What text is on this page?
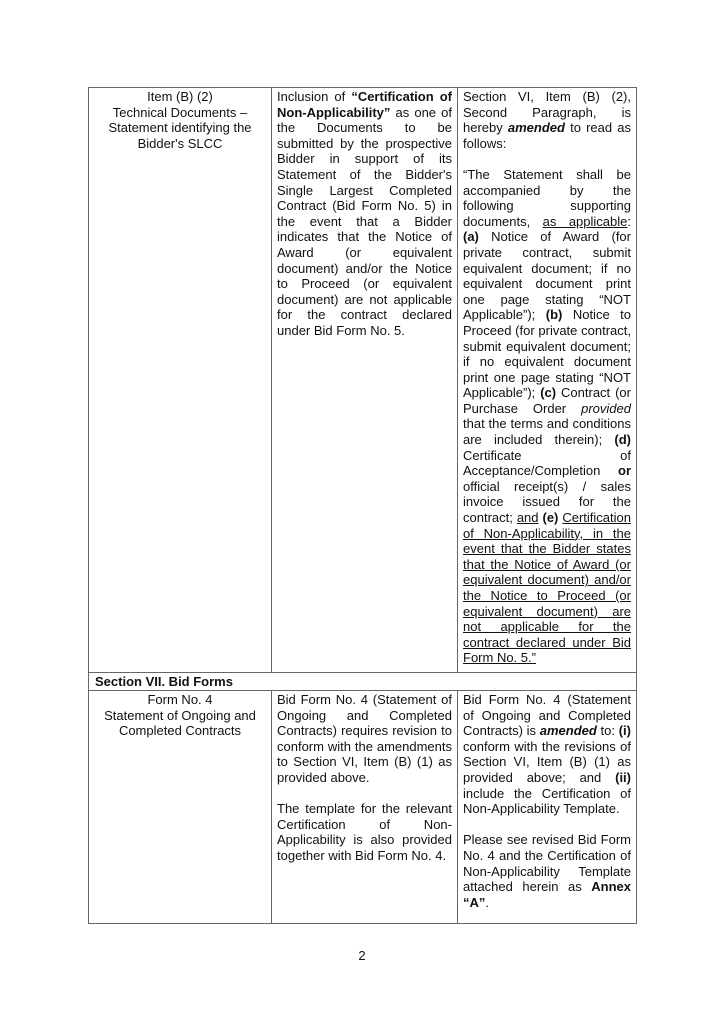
Item (B) (2)
Technical Documents –
Statement identifying the
Bidder's SLCC

Inclusion of “Certification of Non-Applicability” as one of the Documents to be submitted by the prospective Bidder in support of its Statement of the Bidder's Single Largest Completed Contract (Bid Form No. 5) in the event that a Bidder indicates that the Notice of Award (or equivalent document) and/or the Notice to Proceed (or equivalent document) are not applicable for the contract declared under Bid Form No. 5.

Section VI, Item (B) (2), Second Paragraph, is hereby amended to read as follows:

“The Statement shall be accompanied by the following supporting documents, as applicable: (a) Notice of Award (for private contract, submit equivalent document; if no equivalent document print one page stating “NOT Applicable”); (b) Notice to Proceed (for private contract, submit equivalent document; if no equivalent document print one page stating “NOT Applicable”); (c) Contract (or Purchase Order provided that the terms and conditions are included therein); (d) Certificate of Acceptance/Completion or official receipt(s) / sales invoice issued for the contract; and (e) Certification of Non-Applicability, in the event that the Bidder states that the Notice of Award (or equivalent document) and/or the Notice to Proceed (or equivalent document) are not applicable for the contract declared under Bid Form No. 5.”

Section VII. Bid Forms
Form No. 4
Statement of Ongoing and
Completed Contracts

Bid Form No. 4 (Statement of Ongoing and Completed Contracts) requires revision to conform with the amendments to Section VI, Item (B) (1) as provided above.

The template for the relevant Certification of Non-Applicability is also provided together with Bid Form No. 4.

Bid Form No. 4 (Statement of Ongoing and Completed Contracts) is amended to: (i) conform with the revisions of Section VI, Item (B) (1) as provided above; and (ii) include the Certification of Non-Applicability Template.

Please see revised Bid Form No. 4 and the Certification of Non-Applicability Template attached herein as Annex “A”.

2
